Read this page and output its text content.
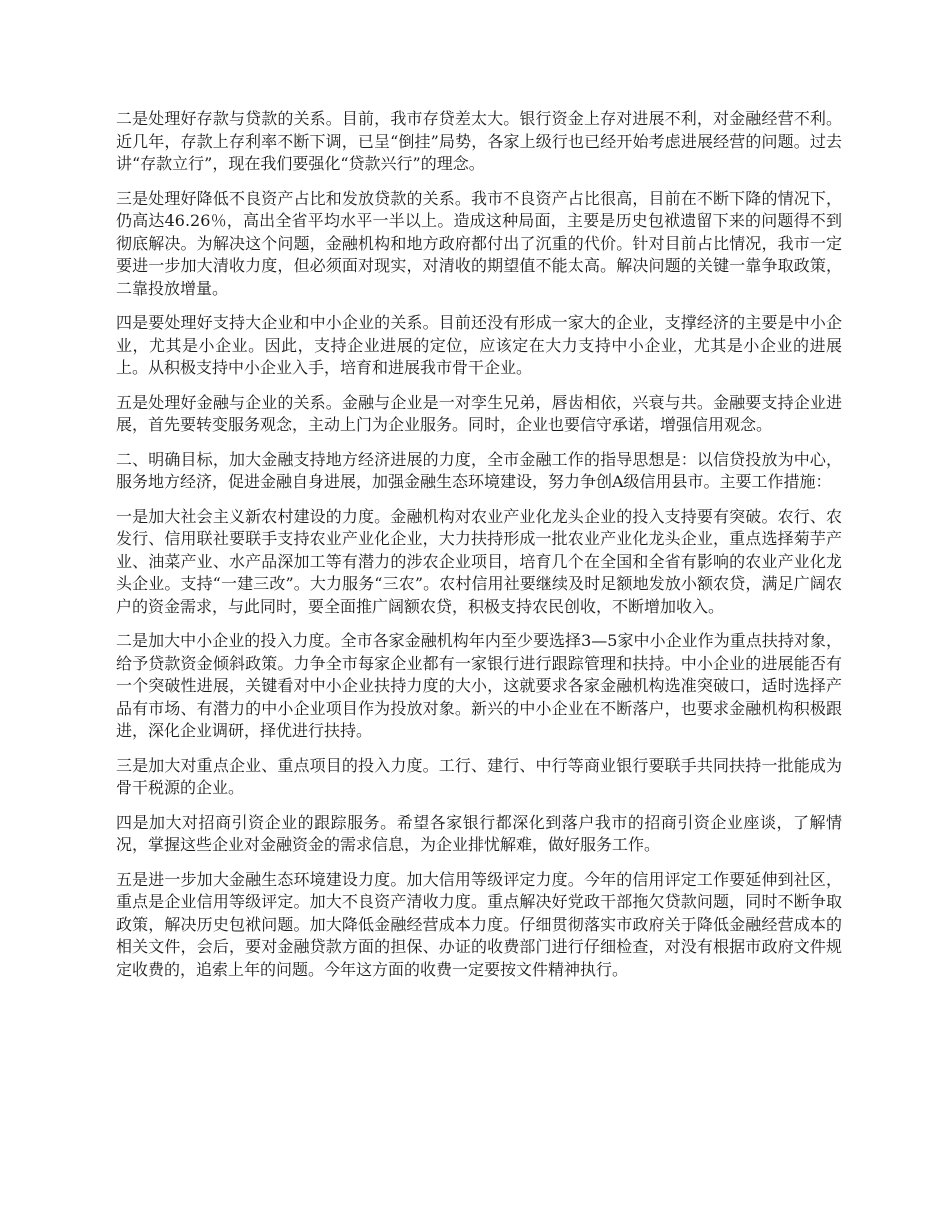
二是处理好存款与贷款的关系。目前，我市存贷差太大。银行资金上存对进展不利，对金融经营不利。近几年，存款上存利率不断下调，已呈“倒挂”局势，各家上级行也已经开始考虑进展经营的问题。过去讲“存款立行”，现在我们要强化“贷款兴行”的理念。

三是处理好降低不良资产占比和发放贷款的关系。我市不良资产占比很高，目前在不断下降的情况下，仍高达46.26％，高出全省平均水平一半以上。造成这种局面，主要是历史包袱遗留下来的问题得不到彻底解决。为解决这个问题，金融机构和地方政府都付出了沉重的代价。针对目前占比情况，我市一定要进一步加大清收力度，但必须面对现实，对清收的期望值不能太高。解决问题的关键一靠争取政策，二靠投放增量。

四是要处理好支持大企业和中小企业的关系。目前还没有形成一家大的企业，支撑经济的主要是中小企业，尤其是小企业。因此，支持企业进展的定位，应该定在大力支持中小企业，尤其是小企业的进展上。从积极支持中小企业入手，培育和进展我市骨干企业。

五是处理好金融与企业的关系。金融与企业是一对孪生兄弟，唇齿相依，兴衰与共。金融要支持企业进展，首先要转变服务观念，主动上门为企业服务。同时，企业也要信守承诺，增强信用观念。

二、明确目标，加大金融支持地方经济进展的力度，全市金融工作的指导思想是：以信贷投放为中心，服务地方经济，促进金融自身进展，加强金融生态环境建设，努力争创A级信用县市。主要工作措施：

一是加大社会主义新农村建设的力度。金融机构对农业产业化龙头企业的投入支持要有突破。农行、农发行、信用联社要联手支持农业产业化企业，大力扶持形成一批农业产业化龙头企业，重点选择菊芋产业、油菜产业、水产品深加工等有潜力的涉农企业项目，培育几个在全国和全省有影响的农业产业化龙头企业。支持“一建三改”。大力服务“三农”。农村信用社要继续及时足额地发放小额农贷，满足广阔农户的资金需求，与此同时，要全面推广阔额农贷，积极支持农民创收，不断增加收入。

二是加大中小企业的投入力度。全市各家金融机构年内至少要选择3—5家中小企业作为重点扶持对象，给予贷款资金倾斜政策。力争全市每家企业都有一家银行进行跟踪管理和扶持。中小企业的进展能否有一个突破性进展，关键看对中小企业扶持力度的大小，这就要求各家金融机构选准突破口，适时选择产品有市场、有潜力的中小企业项目作为投放对象。新兴的中小企业在不断落户，也要求金融机构积极跟进，深化企业调研，择优进行扶持。

三是加大对重点企业、重点项目的投入力度。工行、建行、中行等商业银行要联手共同扶持一批能成为骨干税源的企业。

四是加大对招商引资企业的跟踪服务。希望各家银行都深化到落户我市的招商引资企业座谈，了解情况，掌握这些企业对金融资金的需求信息，为企业排忧解难，做好服务工作。

五是进一步加大金融生态环境建设力度。加大信用等级评定力度。今年的信用评定工作要延伸到社区，重点是企业信用等级评定。加大不良资产清收力度。重点解决好党政干部拖欠贷款问题，同时不断争取政策，解决历史包袱问题。加大降低金融经营成本力度。仔细贯彻落实市政府关于降低金融经营成本的相关文件，会后，要对金融贷款方面的担保、办证的收费部门进行仔细检查，对没有根据市政府文件规定收费的，追索上年的问题。今年这方面的收费一定要按文件精神执行。
